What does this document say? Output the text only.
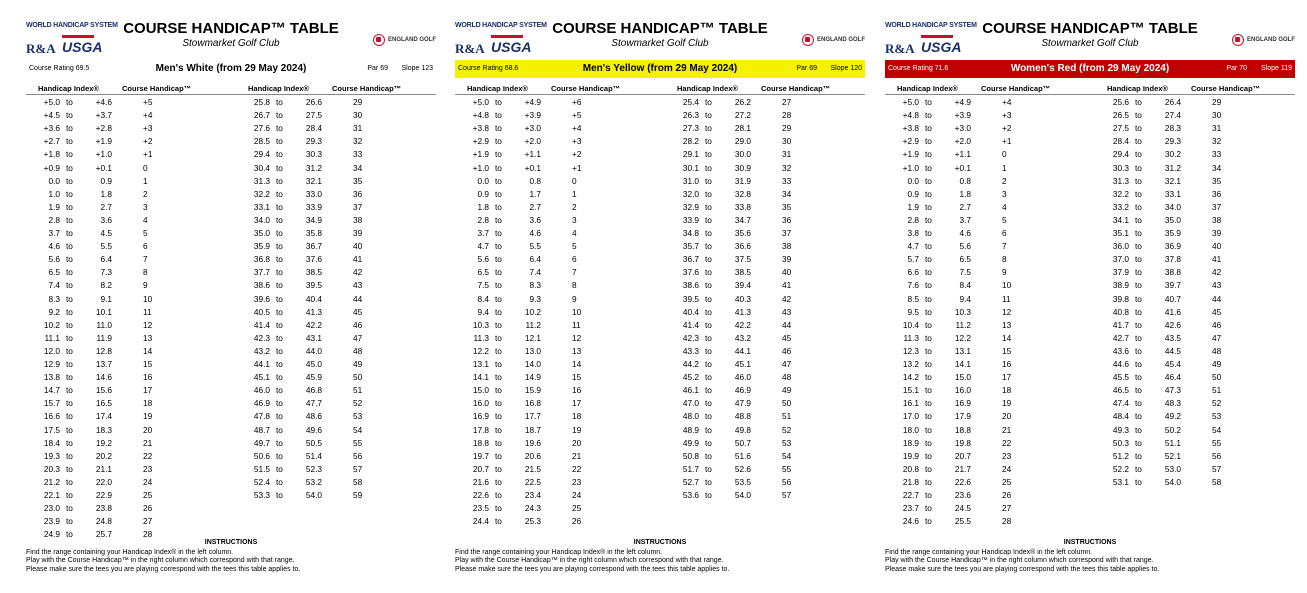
WORLD HANDICAP SYSTEM
R&A USGA
COURSE HANDICAP™ TABLE
Stowmarket Golf Club	ENGLAND GOLF
Course Rating 69.5	Men's White (from 29 May 2024)	Par 69 Slope 123
Handicap Index®	Course Handicap™	Handicap Index®	Course Handicap™
+5.0 to	+4.6	+5	25.8 to	26.6	29
+4.5 to	+3.7	+4	26.7 to	27.5	30
+3.6 to	+2.8	+3	27.6 to	28.4	31
+2.7 to	+1.9	+2	28.5 to	29.3	32
+1.8 to	+1.0	+1	29.4 to	30.3	33
+0.9 to	+0.1	0	30.4 to	31.2	34
0.0 to	0.9	1	31.3 to	32.1	35
1.0 to	1.8	2	32.2 to	33.0	36
1.9 to	2.7	3	33.1 to	33.9	37
2.8 to	3.6	4	34.0 to	34.9	38
3.7 to	4.5	5	35.0 to	35.8	39
4.6 to	5.5	6	35.9 to	36.7	40
5.6 to	6.4	7	36.8 to	37.6	41
6.5 to	7.3	8	37.7 to	38.5	42
7.4 to	8.2	9	38.6 to	39.5	43
8.3 to	9.1	10	39.6 to	40.4	44
9.2 to	10.1	11	40.5 to	41.3	45
10.2 to	11.0	12	41.4 to	42.2	46
11.1 to	11.9	13	42.3 to	43.1	47
12.0 to	12.8	14	43.2 to	44.0	48
12.9 to	13.7	15	44.1 to	45.0	49
13.8 to	14.6	16	45.1 to	45.9	50
14.7 to	15.6	17	46.0 to	46.8	51
15.7 to	16.5	18	46.9 to	47.7	52
16.6 to	17.4	19	47.8 to	48.6	53
17.5 to	18.3	20	48.7 to	49.6	54
18.4 to	19.2	21	49.7 to	50.5	55
19.3 to	20.2	22	50.6 to	51.4	56
20.3 to	21.1	23	51.5 to	52.3	57
21.2 to	22.0	24	52.4 to	53.2	58
22.1 to	22.9	25	53.3 to	54.0	59
23.0 to	23.8	26
23.9 to	24.8	27
24.9 to	25.7	28
INSTRUCTIONS
Find the range containing your Handicap Index® in the left column.
Play with the Course Handicap™ in the right column which correspond with that range.
Please make sure the tees you are playing correspond with the tees this table applies to.
WORLD HANDICAP SYSTEM
R&A USGA
COURSE HANDICAP™ TABLE
Stowmarket Golf Club	ENGLAND GOLF
Course Rating 68.6	Men's Yellow (from 29 May 2024)	Par 69 Slope 120
Handicap Index®	Course Handicap™	Handicap Index®	Course Handicap™
+5.0 to	+4.9	+6	25.4 to	26.2	27
+4.8 to	+3.9	+5	26.3 to	27.2	28
+3.8 to	+3.0	+4	27.3 to	28.1	29
+2.9 to	+2.0	+3	28.2 to	29.0	30
+1.9 to	+1.1	+2	29.1 to	30.0	31
+1.0 to	+0.1	+1	30.1 to	30.9	32
0.0 to	0.8	0	31.0 to	31.9	33
0.9 to	1.7	1	32.0 to	32.8	34
1.8 to	2.7	2	32.9 to	33.8	35
2.8 to	3.6	3	33.9 to	34.7	36
3.7 to	4.6	4	34.8 to	35.6	37
4.7 to	5.5	5	35.7 to	36.6	38
5.6 to	6.4	6	36.7 to	37.5	39
6.5 to	7.4	7	37.6 to	38.5	40
7.5 to	8.3	8	38.6 to	39.4	41
8.4 to	9.3	9	39.5 to	40.3	42
9.4 to	10.2	10	40.4 to	41.3	43
10.3 to	11.2	11	41.4 to	42.2	44
11.3 to	12.1	12	42.3 to	43.2	45
12.2 to	13.0	13	43.3 to	44.1	46
13.1 to	14.0	14	44.2 to	45.1	47
14.1 to	14.9	15	45.2 to	46.0	48
15.0 to	15.9	16	46.1 to	46.9	49
16.0 to	16.8	17	47.0 to	47.9	50
16.9 to	17.7	18	48.0 to	48.8	51
17.8 to	18.7	19	48.9 to	49.8	52
18.8 to	19.6	20	49.9 to	50.7	53
19.7 to	20.6	21	50.8 to	51.6	54
20.7 to	21.5	22	51.7 to	52.6	55
21.6 to	22.5	23	52.7 to	53.5	56
22.6 to	23.4	24	53.6 to	54.0	57
23.5 to	24.3	25
24.4 to	25.3	26
INSTRUCTIONS
Find the range containing your Handicap Index® in the left column.
Play with the Course Handicap™ in the right column which correspond with that range.
Please make sure the tees you are playing correspond with the tees this table applies to.
WORLD HANDICAP SYSTEM
R&A USGA
COURSE HANDICAP™ TABLE
Stowmarket Golf Club	ENGLAND GOLF
Course Rating 71.6	Women's Red (from 29 May 2024)	Par 70 Slope 119
Handicap Index®	Course Handicap™	Handicap Index®	Course Handicap™
+5.0 to	+4.9	+4	25.6 to	26.4	29
+4.8 to	+3.9	+3	26.5 to	27.4	30
+3.8 to	+3.0	+2	27.5 to	28.3	31
+2.9 to	+2.0	+1	28.4 to	29.3	32
+1.9 to	+1.1	0	29.4 to	30.2	33
+1.0 to	+0.1	1	30.3 to	31.2	34
0.0 to	0.8	2	31.3 to	32.1	35
0.9 to	1.8	3	32.2 to	33.1	36
1.9 to	2.7	4	33.2 to	34.0	37
2.8 to	3.7	5	34.1 to	35.0	38
3.8 to	4.6	6	35.1 to	35.9	39
4.7 to	5.6	7	36.0 to	36.9	40
5.7 to	6.5	8	37.0 to	37.8	41
6.6 to	7.5	9	37.9 to	38.8	42
7.6 to	8.4	10	38.9 to	39.7	43
8.5 to	9.4	11	39.8 to	40.7	44
9.5 to	10.3	12	40.8 to	41.6	45
10.4 to	11.2	13	41.7 to	42.6	46
11.3 to	12.2	14	42.7 to	43.5	47
12.3 to	13.1	15	43.6 to	44.5	48
13.2 to	14.1	16	44.6 to	45.4	49
14.2 to	15.0	17	45.5 to	46.4	50
15.1 to	16.0	18	46.5 to	47.3	51
16.1 to	16.9	19	47.4 to	48.3	52
17.0 to	17.9	20	48.4 to	49.2	53
18.0 to	18.8	21	49.3 to	50.2	54
18.9 to	19.8	22	50.3 to	51.1	55
19.9 to	20.7	23	51.2 to	52.1	56
20.8 to	21.7	24	52.2 to	53.0	57
21.8 to	22.6	25	53.1 to	54.0	58
22.7 to	23.6	26
23.7 to	24.5	27
24.6 to	25.5	28
INSTRUCTIONS
Find the range containing your Handicap Index® in the left column.
Play with the Course Handicap™ in the right column which correspond with that range.
Please make sure the tees you are playing correspond with the tees this table applies to.
